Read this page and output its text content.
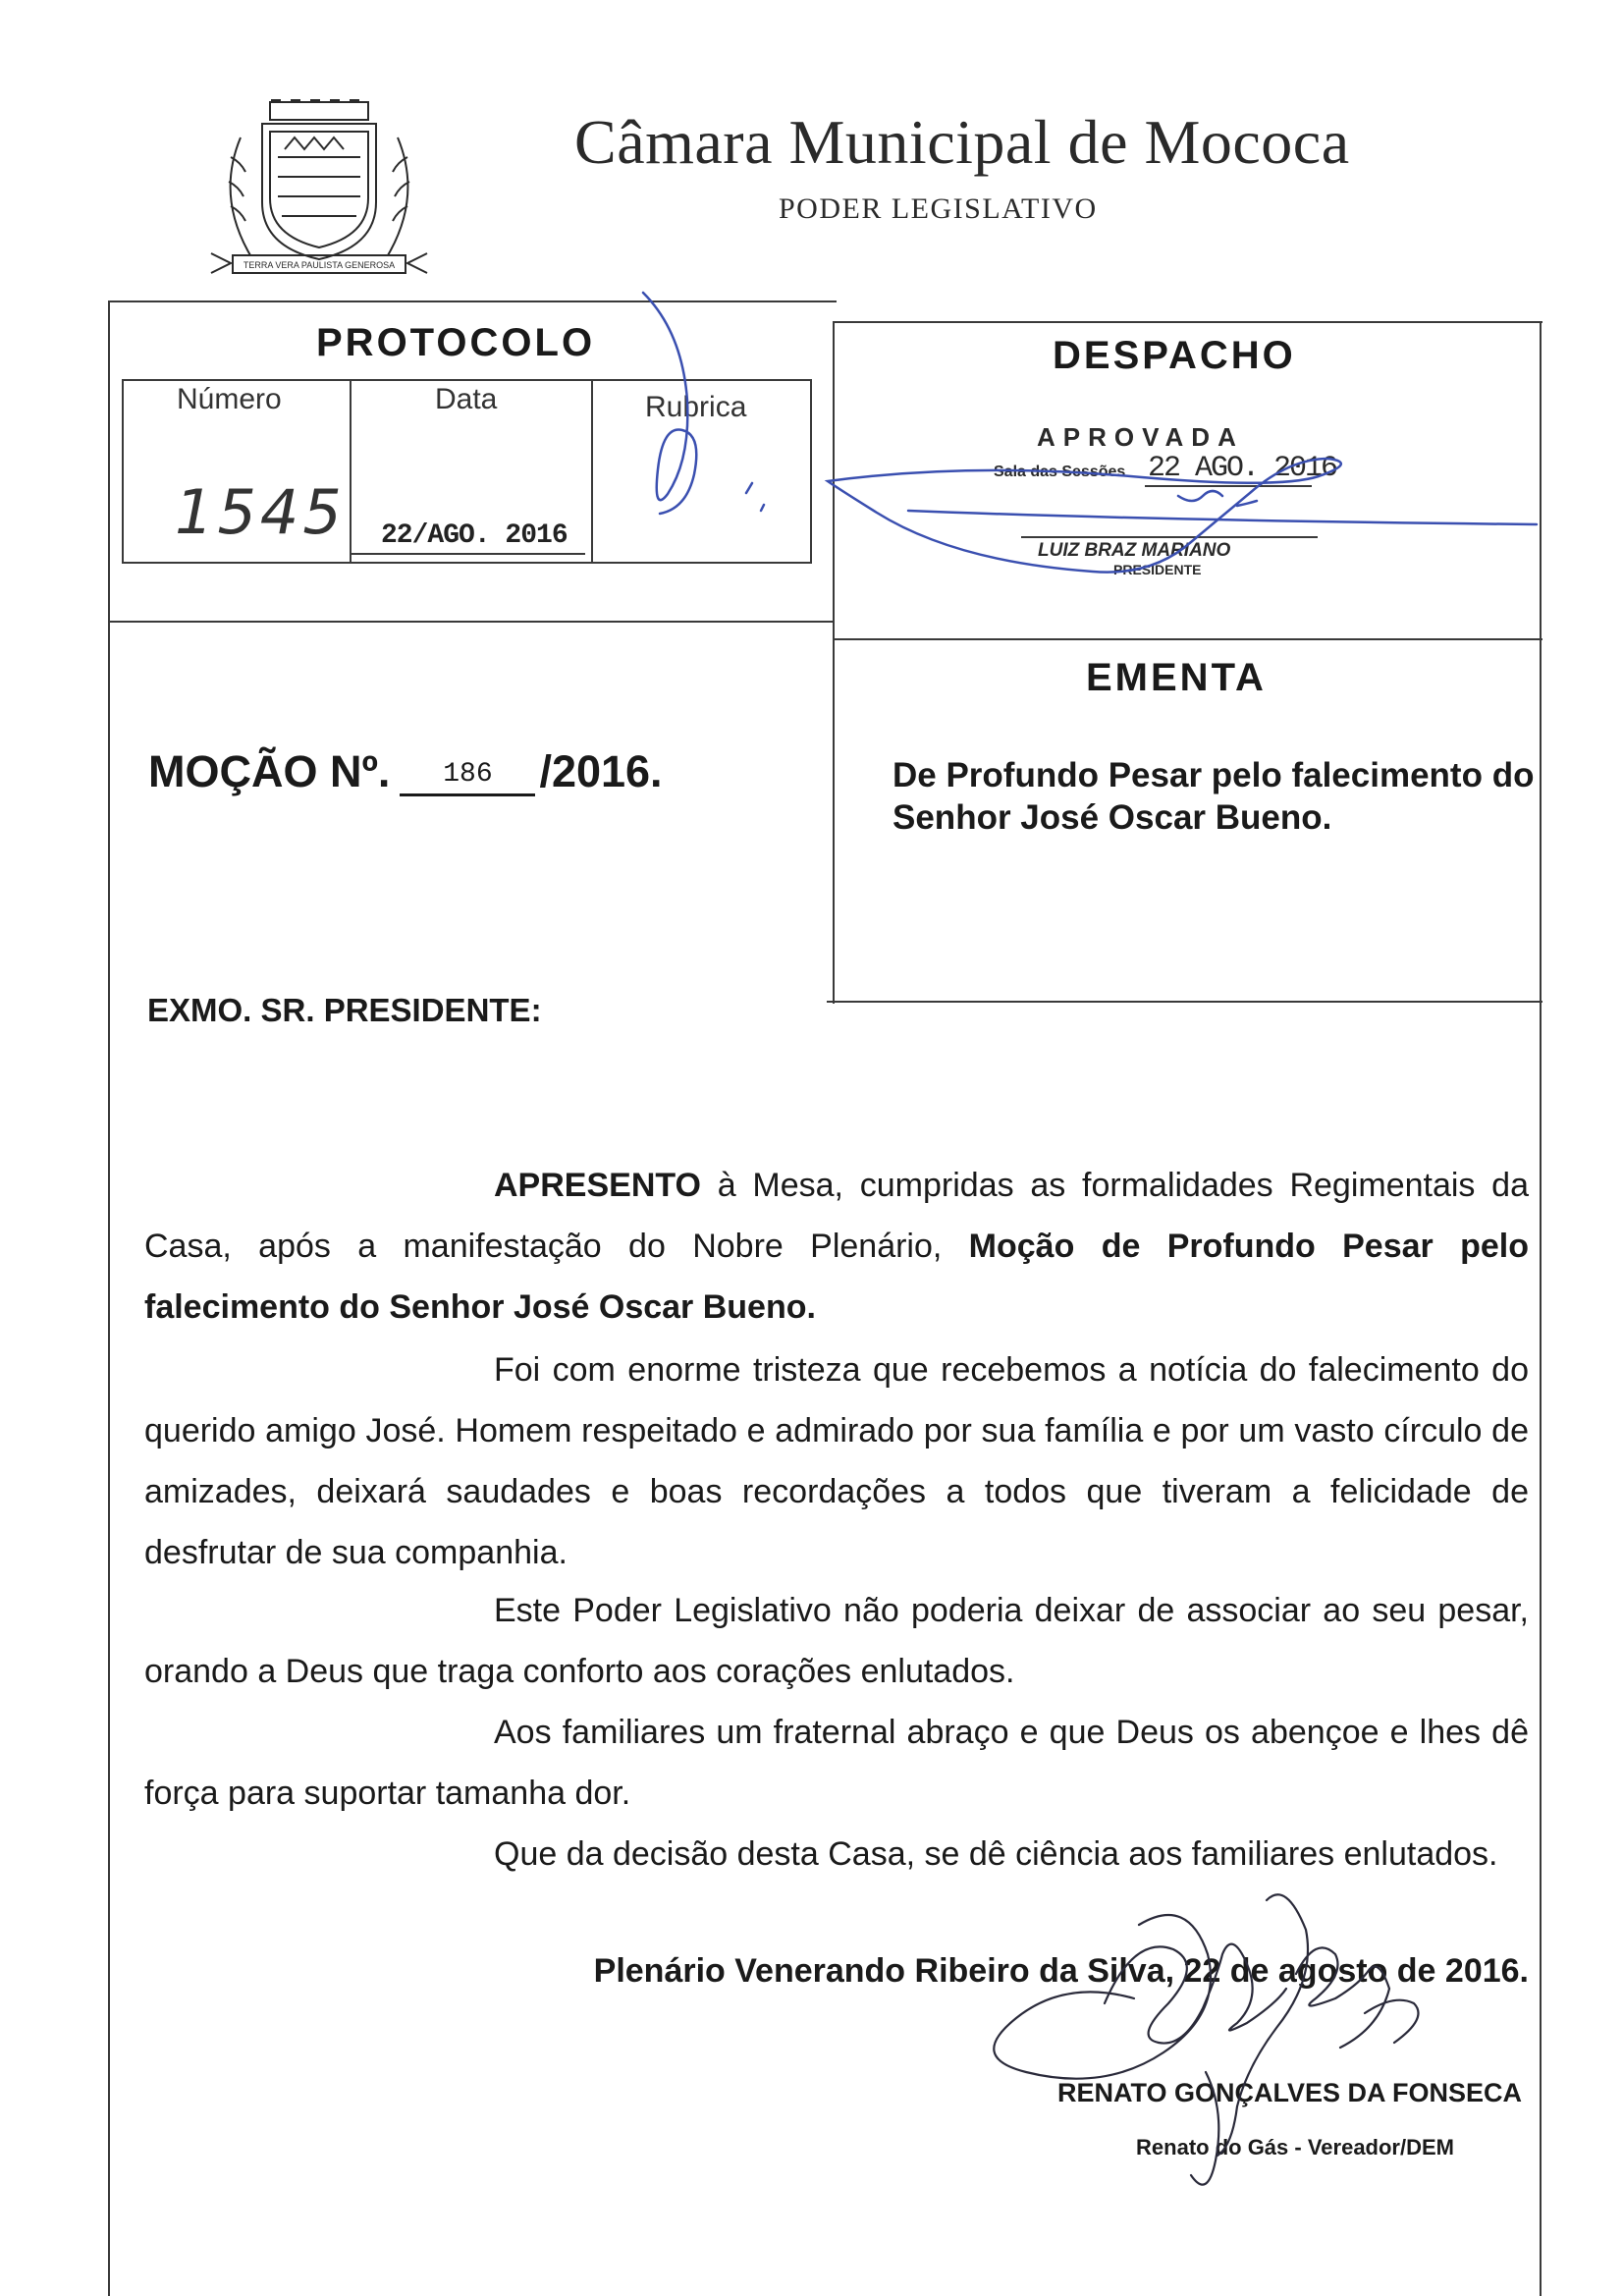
TERRA VERA PAULISTA GENEROSA
Câmara Municipal de Mococa
PODER LEGISLATIVO
PROTOCOLO
Número	Data	Rubrica
1545 22/AGO. 2016
DESPACHO
APROVADA
Sala das Sessões 22 AGO. 2016
LUIZ BRAZ MARIANO
PRESIDENTE
EMENTA
De Profundo Pesar pelo falecimento do Senhor José Oscar Bueno.
MOÇÃO Nº. 186 /2016.
EXMO. SR. PRESIDENTE:

APRESENTO à Mesa, cumpridas as formalidades Regimentais da Casa, após a manifestação do Nobre Plenário, Moção de Profundo Pesar pelo falecimento do Senhor José Oscar Bueno.

Foi com enorme tristeza que recebemos a notícia do falecimento do querido amigo José. Homem respeitado e admirado por sua família e por um vasto círculo de amizades, deixará saudades e boas recordações a todos que tiveram a felicidade de desfrutar de sua companhia.

Este Poder Legislativo não poderia deixar de associar ao seu pesar, orando a Deus que traga conforto aos corações enlutados.

Aos familiares um fraternal abraço e que Deus os abençoe e lhes dê força para suportar tamanha dor.

Que da decisão desta Casa, se dê ciência aos familiares enlutados.

Plenário Venerando Ribeiro da Silva, 22 de agosto de 2016.
RENATO GONÇALVES DA FONSECA
Renato do Gás - Vereador/DEM
